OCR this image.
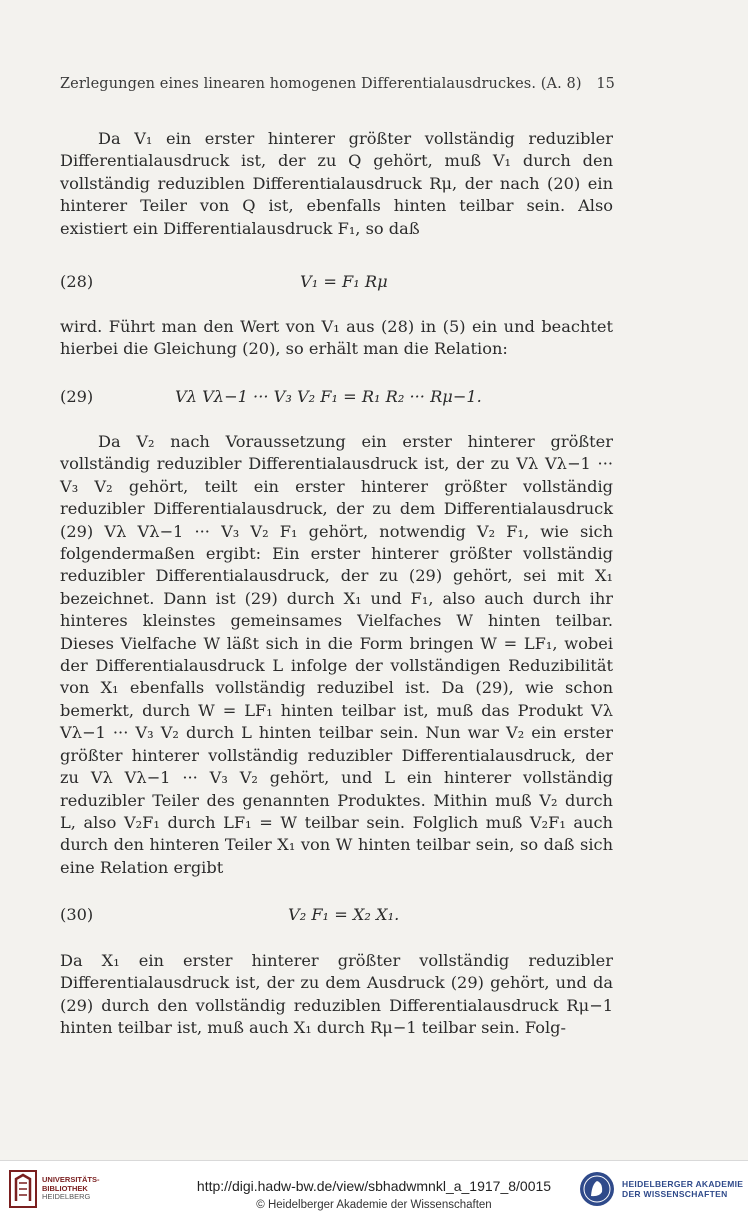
Zerlegungen eines linearen homogenen Differentialausdruckes. (A. 8) 15

Da V₁ ein erster hinterer größter vollständig reduzibler Differentialausdruck ist, der zu Q gehört, muß V₁ durch den vollständig reduziblen Differentialausdruck Rμ, der nach (20) ein hinterer Teiler von Q ist, ebenfalls hinten teilbar sein. Also existiert ein Differentialausdruck F₁, so daß

(28)	V₁ = F₁ Rμ

wird. Führt man den Wert von V₁ aus (28) in (5) ein und beachtet hierbei die Gleichung (20), so erhält man die Relation:

(29)	Vλ Vλ−1 ··· V₃ V₂ F₁ = R₁ R₂ ··· Rμ−1.

Da V₂ nach Voraussetzung ein erster hinterer größter vollständig reduzibler Differentialausdruck ist, der zu Vλ Vλ−1 ··· V₃ V₂ gehört, teilt ein erster hinterer größter vollständig reduzibler Differentialausdruck, der zu dem Differentialausdruck (29) Vλ Vλ−1 ··· V₃ V₂ F₁ gehört, notwendig V₂ F₁, wie sich folgendermaßen ergibt: Ein erster hinterer größter vollständig reduzibler Differentialausdruck, der zu (29) gehört, sei mit X₁ bezeichnet. Dann ist (29) durch X₁ und F₁, also auch durch ihr hinteres kleinstes gemeinsames Vielfaches W hinten teilbar. Dieses Vielfache W läßt sich in die Form bringen W = LF₁, wobei der Differentialausdruck L infolge der vollständigen Reduzibilität von X₁ ebenfalls vollständig reduzibel ist. Da (29), wie schon bemerkt, durch W = LF₁ hinten teilbar ist, muß das Produkt Vλ Vλ−1 ··· V₃ V₂ durch L hinten teilbar sein. Nun war V₂ ein erster größter hinterer vollständig reduzibler Differentialausdruck, der zu Vλ Vλ−1 ··· V₃ V₂ gehört, und L ein hinterer vollständig reduzibler Teiler des genannten Produktes. Mithin muß V₂ durch L, also V₂F₁ durch LF₁ = W teilbar sein. Folglich muß V₂F₁ auch durch den hinteren Teiler X₁ von W hinten teilbar sein, so daß sich eine Relation ergibt

(30)	V₂ F₁ = X₂ X₁.

Da X₁ ein erster hinterer größter vollständig reduzibler Differentialausdruck ist, der zu dem Ausdruck (29) gehört, und da (29) durch den vollständig reduziblen Differentialausdruck Rμ−1 hinten teilbar ist, muß auch X₁ durch Rμ−1 teilbar sein. Folg-

UNIVERSITÄTS-
BIBLIOTHEK
HEIDELBERG
http://digi.hadw-bw.de/view/sbhadwmnkl_a_1917_8/0015
© Heidelberger Akademie der Wissenschaften
HEIDELBERGER AKADEMIE
DER WISSENSCHAFTEN
